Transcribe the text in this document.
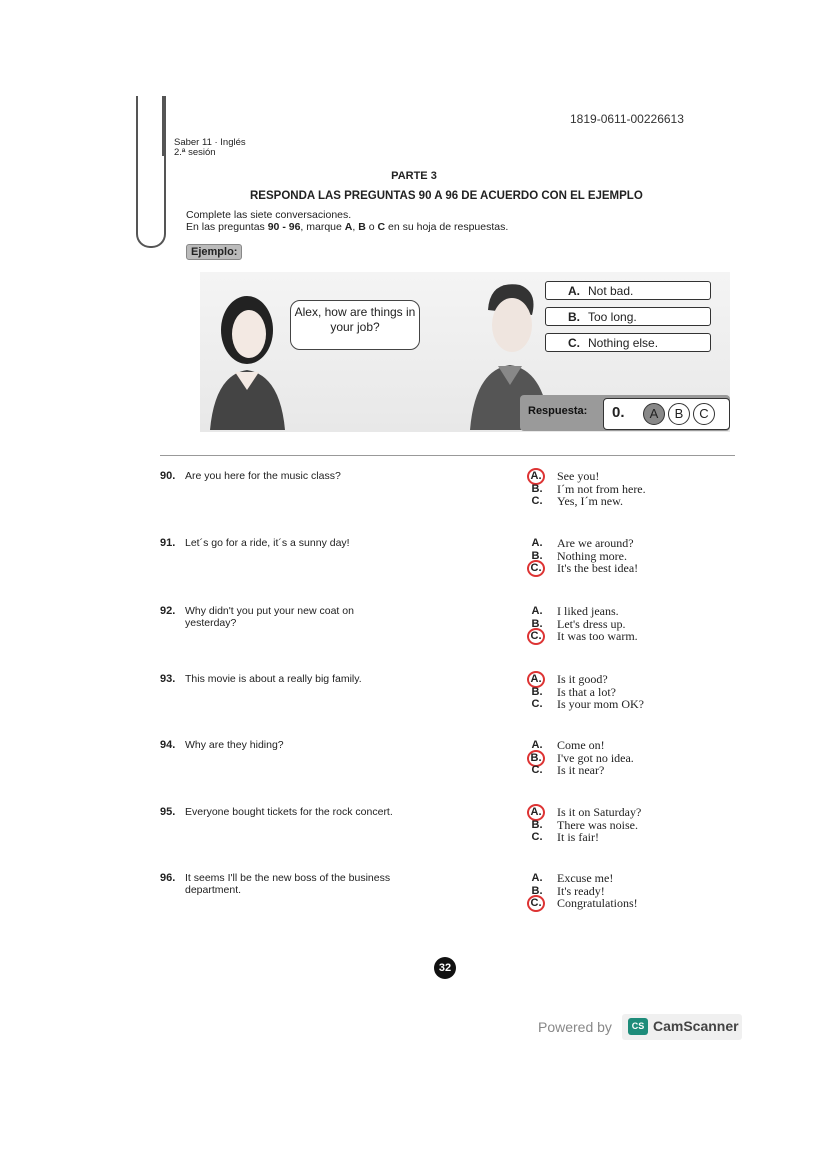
1819-0611-00226613
Saber 11 · Inglés
2.ª sesión
PARTE 3
RESPONDA LAS PREGUNTAS 90 A 96 DE ACUERDO CON EL EJEMPLO
Complete las siete conversaciones.
En las preguntas 90 - 96, marque A, B o C en su hoja de respuestas.
Ejemplo:
Alex, how are things in your job?
A. Not bad.
B. Too long.
C. Nothing else.
Respuesta: 0.	A	B	C
90. Are you here for the music class?	A. See you!
B. I´m not from here.
C. Yes, I´m new.
91. Let´s go for a ride, it´s a sunny day!	A. Are we around?
B. Nothing more.
C. It's the best idea!
92. Why didn't you put your new coat on yesterday?
A. I liked jeans.
B. Let's dress up.
C. It was too warm.
93. This movie is about a really big family.	A. Is it good?
B. Is that a lot?
C. Is your mom OK?
94. Why are they hiding?	A. Come on!
B. I've got no idea.
C. Is it near?
95. Everyone bought tickets for the rock concert.	A. Is it on Saturday?
B. There was noise.
C. It is fair!
96. It seems I'll be the new boss of the business department.
A. Excuse me!
B. It's ready!
C. Congratulations!
32
Powered by	CS CamScanner
